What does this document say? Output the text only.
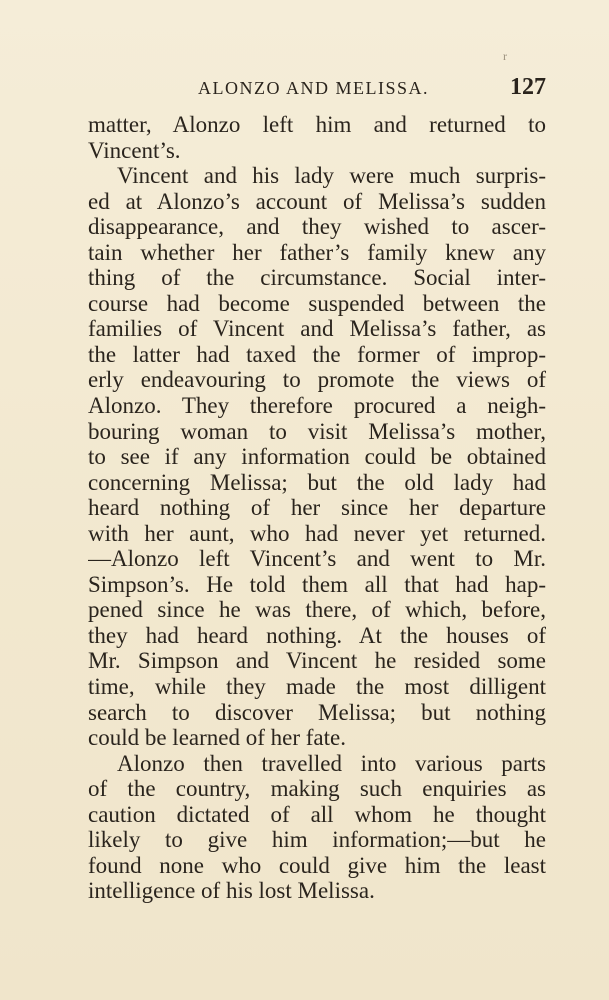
r
ALONZO AND MELISSA.	127
matter, Alonzo left him and returned to
Vincent’s.
Vincent and his lady were much surpris-
ed at Alonzo’s account of Melissa’s sudden
disappearance, and they wished to ascer-
tain whether her father’s family knew any
thing of the circumstance. Social inter-
course had become suspended between the
families of Vincent and Melissa’s father, as
the latter had taxed the former of improp-
erly endeavouring to promote the views of
Alonzo. They therefore procured a neigh-
bouring woman to visit Melissa’s mother,
to see if any information could be obtained
concerning Melissa; but the old lady had
heard nothing of her since her departure
with her aunt, who had never yet returned.
—Alonzo left Vincent’s and went to Mr.
Simpson’s. He told them all that had hap-
pened since he was there, of which, before,
they had heard nothing. At the houses of
Mr. Simpson and Vincent he resided some
time, while they made the most dilligent
search to discover Melissa; but nothing
could be learned of her fate.
Alonzo then travelled into various parts
of the country, making such enquiries as
caution dictated of all whom he thought
likely to give him information;—but he
found none who could give him the least
intelligence of his lost Melissa.
